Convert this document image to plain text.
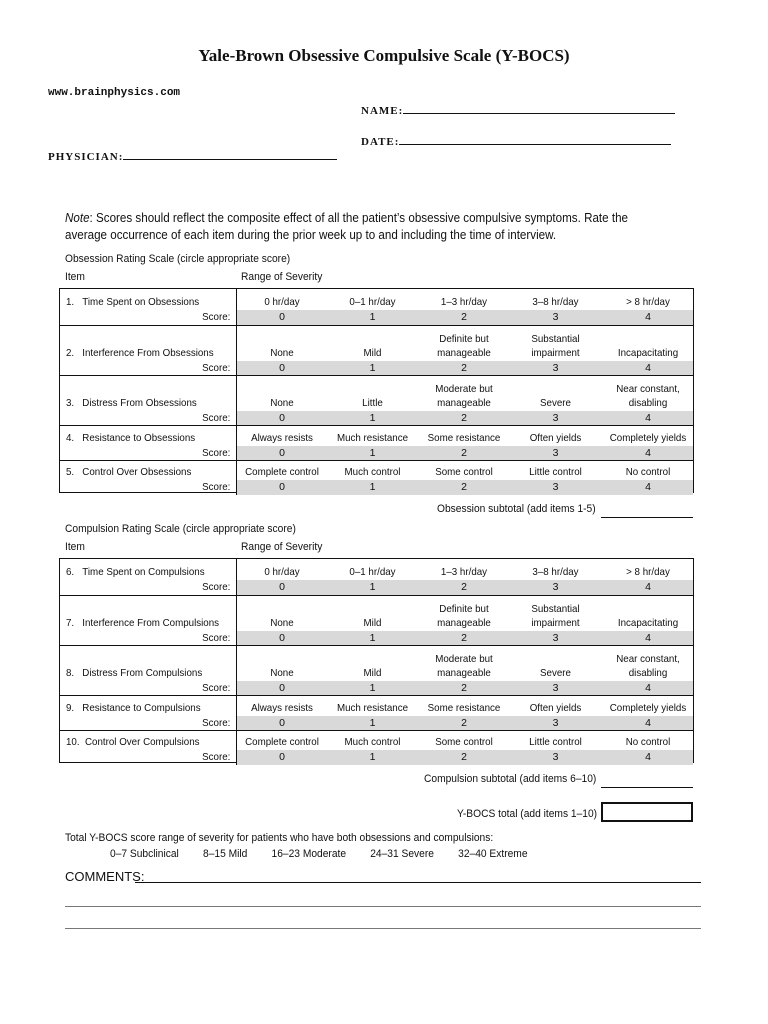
Yale-Brown Obsessive Compulsive Scale (Y-BOCS)
www.brainphysics.com
NAME:
DATE:
PHYSICIAN:
Note: Scores should reflect the composite effect of all the patient’s obsessive compulsive symptoms. Rate the average occurrence of each item during the prior week up to and including the time of interview.
Obsession Rating Scale (circle appropriate score)
Item	Range of Severity
1.   Time Spent on Obsessions
Score:
0 hr/day
0
0–1 hr/day
1
1–3 hr/day
2
3–8 hr/day
3
> 8 hr/day
4
2.   Interference From Obsessions
Score:
None
0
Mild
1
Definite but
manageable
2
Substantial
impairment
3
Incapacitating
4
3.   Distress From Obsessions
Score:
None
0
Little
1
Moderate but
manageable
2
Severe
3
Near constant,
disabling
4
4.   Resistance to Obsessions
Score:
Always resists
0
Much resistance
1
Some resistance
2
Often yields
3
Completely yields
4
5.   Control Over Obsessions
Score:
Complete control
0
Much control
1
Some control
2
Little control
3
No control
4
Obsession subtotal (add items 1-5)
Compulsion Rating Scale (circle appropriate score)
Item	Range of Severity
6.   Time Spent on Compulsions
Score:
0 hr/day
0
0–1 hr/day
1
1–3 hr/day
2
3–8 hr/day
3
> 8 hr/day
4
7.   Interference From Compulsions
Score:
None
0
Mild
1
Definite but
manageable
2
Substantial
impairment
3
Incapacitating
4
8.   Distress From Compulsions
Score:
None
0
Mild
1
Moderate but
manageable
2
Severe
3
Near constant,
disabling
4
9.   Resistance to Compulsions
Score:
Always resists
0
Much resistance
1
Some resistance
2
Often yields
3
Completely yields
4
10.  Control Over Compulsions
Score:
Complete control
0
Much control
1
Some control
2
Little control
3
No control
4
Compulsion subtotal (add items 6–10)
Y-BOCS total (add items 1–10)
Total Y-BOCS score range of severity for patients who have both obsessions and compulsions:
0–7 Subclinical 8–15 Mild 16–23 Moderate 24–31 Severe 32–40 Extreme
COMMENTS:
